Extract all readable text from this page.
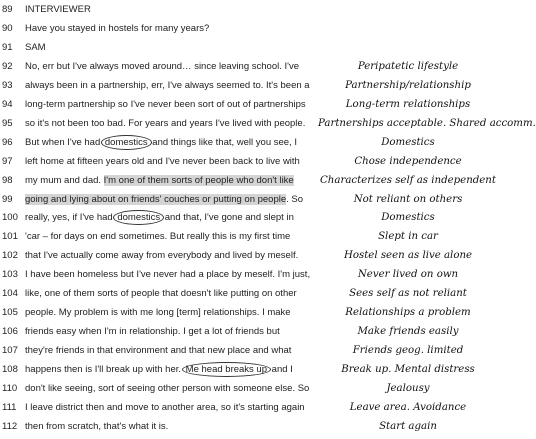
89	INTERVIEWER
90	Have you stayed in hostels for many years?
91	SAM
92	No, err but I've always moved around… since leaving school. I've	Peripatetic lifestyle
93	always been in a partnership, err, I've always seemed to. It's been a	Partnership/relationship
94	long-term partnership so I've never been sort of out of partnerships	Long-term relationships
95	so it's not been too bad. For years and years I've lived with people.	Partnerships acceptable. Shared accomm.
96	But when I've had domestics and things like that, well you see, I	Domestics
97	left home at fifteen years old and I've never been back to live with	Chose independence
98	my mum and dad. I'm one of them sorts of people who don't like	Characterizes self as independent
99	going and lying about on friends' couches or putting on people. So	Not reliant on others
100 really, yes, if I've had domestics and that, I've gone and slept in	Domestics
101 'car – for days on end sometimes. But really this is my first time	Slept in car
102 that I've actually come away from everybody and lived by meself.	Hostel seen as live alone
103 I have been homeless but I've never had a place by meself. I'm just,	Never lived on own
104 like, one of them sorts of people that doesn't like putting on other	Sees self as not reliant
105 people. My problem is with me long [term] relationships. I make	Relationships a problem
106 friends easy when I'm in relationship. I get a lot of friends but	Make friends easily
107 they're friends in that environment and that new place and what	Friends geog. limited
108 happens then is I'll break up with her. Me head breaks up and I	Break up. Mental distress
110 don't like seeing, sort of seeing other person with someone else. So	Jealousy
111 I leave district then and move to another area, so it's starting again	Leave area. Avoidance
112 then from scratch, that's what it is.	Start again
